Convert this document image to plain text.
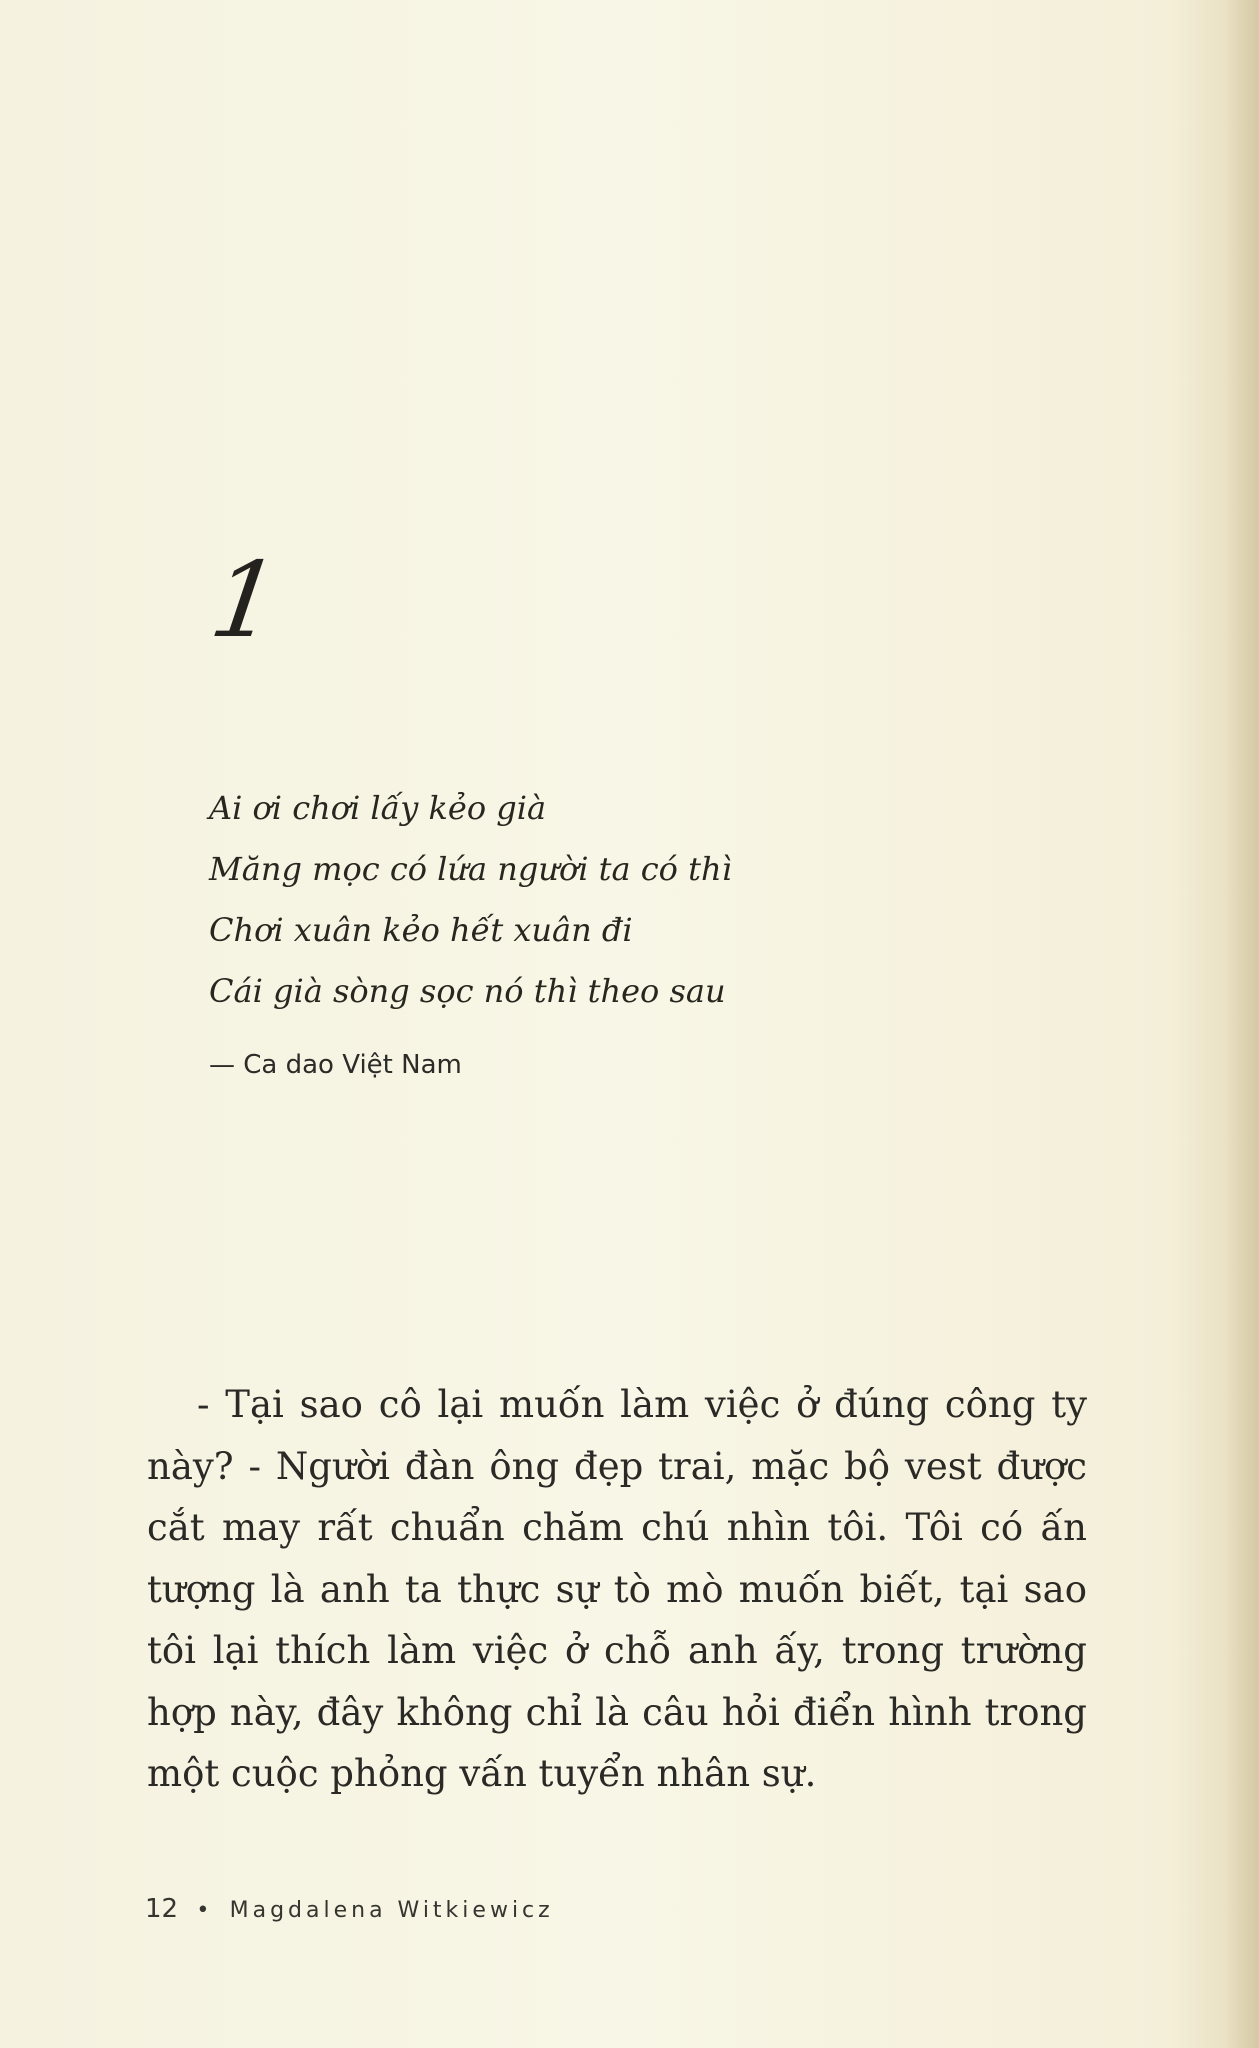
1
Ai ơi chơi lấy kẻo già
Măng mọc có lứa người ta có thì
Chơi xuân kẻo hết xuân đi
Cái già sòng sọc nó thì theo sau
— Ca dao Việt Nam

- Tại sao cô lại muốn làm việc ở đúng công ty này? - Người đàn ông đẹp trai, mặc bộ vest được cắt may rất chuẩn chăm chú nhìn tôi. Tôi có ấn tượng là anh ta thực sự tò mò muốn biết, tại sao tôi lại thích làm việc ở chỗ anh ấy, trong trường hợp này, đây không chỉ là câu hỏi điển hình trong một cuộc phỏng vấn tuyển nhân sự.

12 • Magdalena Witkiewicz
